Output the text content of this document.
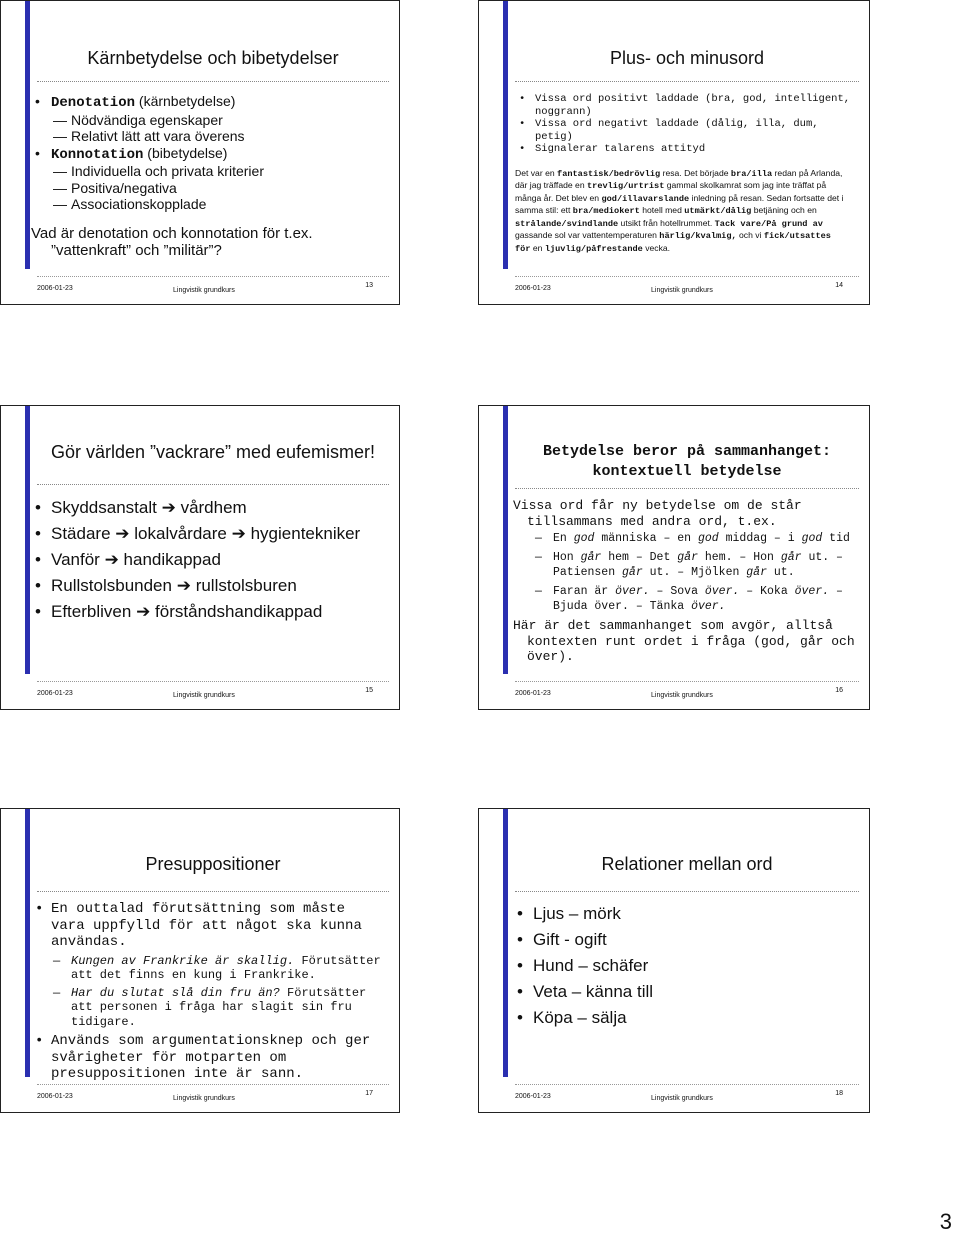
Kärnbetydelse och bibetydelser
• Denotation (kärnbetydelse)
— Nödvändiga egenskaper
— Relativt lätt att vara överens
• Konnotation (bibetydelse)
— Individuella och privata kriterier
— Positiva/negativa
— Associationskopplade
Vad är denotation och konnotation för t.ex. ”vattenkraft” och ”militär”?
2006-01-23	Lingvistik grundkurs
13
Plus- och minusord
• Vissa ord positivt laddade (bra, god, intelligent, noggrann)
• Vissa ord negativt laddade (dålig, illa, dum, petig)
• Signalerar talarens attityd
Det var en fantastisk/bedrövlig resa. Det började bra/illa redan på Arlanda, där jag träffade en trevlig/urtrist gammal skolkamrat som jag inte träffat på många år. Det blev en god/illavarslande inledning på resan. Sedan fortsatte det i samma stil: ett bra/mediokert hotell med utmärkt/dålig betjäning och en strålande/svindlande utsikt från hotellrummet. Tack vare/På grund av gassande sol var vattentemperaturen härlig/kvalmig, och vi fick/utsattes för en ljuvlig/påfrestande vecka.
2006-01-23	Lingvistik grundkurs
14
Gör världen ”vackrare” med eufemismer!
• Skyddsanstalt ➔ vårdhem
• Städare ➔ lokalvårdare ➔ hygientekniker
• Vanför ➔ handikappad
• Rullstolsbunden ➔ rullstolsburen
• Efterbliven ➔ förståndshandikappad
2006-01-23	Lingvistik grundkurs
15
Betydelse beror på sammanhanget:
kontextuell betydelse
Vissa ord får ny betydelse om de står tillsammans med andra ord, t.ex.
— En god människa – en god middag – i god tid
— Hon går hem – Det går hem. – Hon går ut. – Patiensen går ut. – Mjölken går ut.
— Faran är över. – Sova över. – Koka över. – Bjuda över. – Tänka över.
Här är det sammanhanget som avgör, alltså kontexten runt ordet i fråga (god, går och över).
2006-01-23	Lingvistik grundkurs
16
Presuppositioner
• En outtalad förutsättning som måste vara uppfylld för att något ska kunna användas.
— Kungen av Frankrike är skallig. Förutsätter att det finns en kung i Frankrike.
— Har du slutat slå din fru än? Förutsätter att personen i fråga har slagit sin fru tidigare.
• Används som argumentationsknep och ger svårigheter för motparten om presuppositionen inte är sann.
2006-01-23	Lingvistik grundkurs
17
Relationer mellan ord
• Ljus – mörk
• Gift - ogift
• Hund – schäfer
• Veta – känna till
• Köpa – sälja
2006-01-23	Lingvistik grundkurs
18
3
